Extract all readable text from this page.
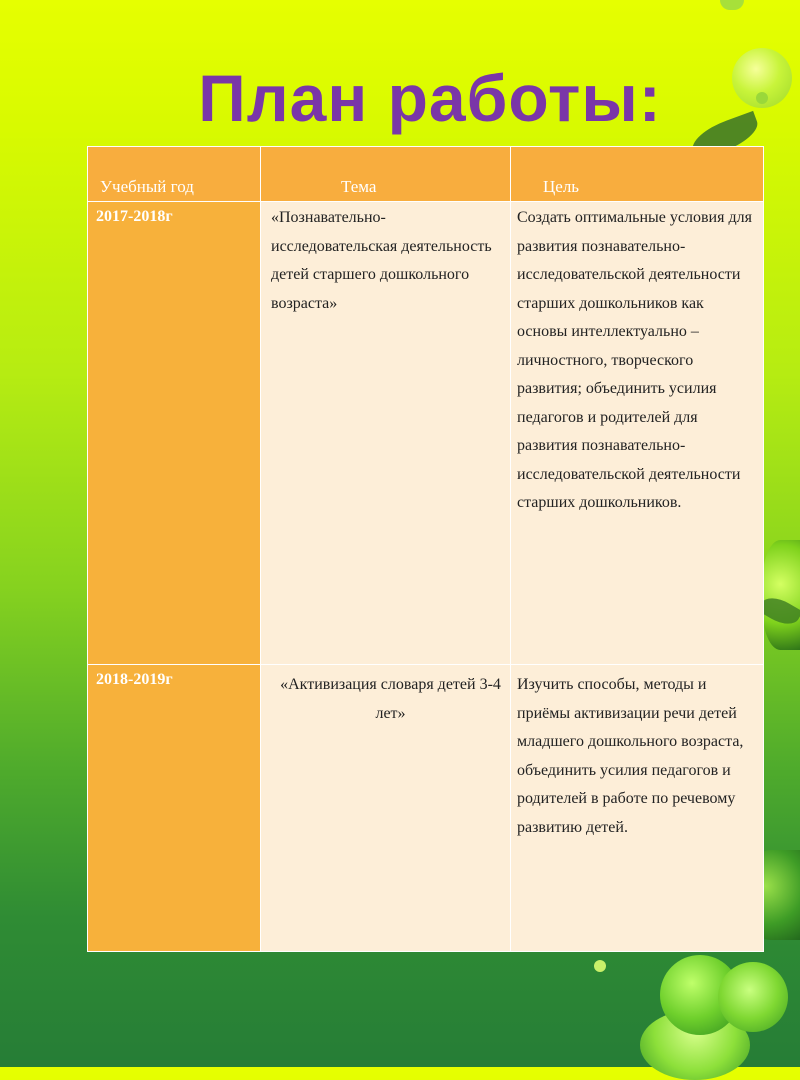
План работы:
Учебный год	Тема	Цель
2017-2018г	«Познавательно-исследовательская деятельность детей старшего дошкольного возраста»	Создать оптимальные условия для развития познавательно-исследовательской деятельности старших дошкольников как основы интеллектуально – личностного, творческого развития; объединить усилия педагогов и родителей для развития познавательно-исследовательской деятельности старших дошкольников.
2018-2019г	«Активизация словаря детей 3-4 лет»	Изучить способы, методы и приёмы активизации речи детей младшего дошкольного возраста, объединить усилия педагогов и родителей в работе по речевому развитию детей.
